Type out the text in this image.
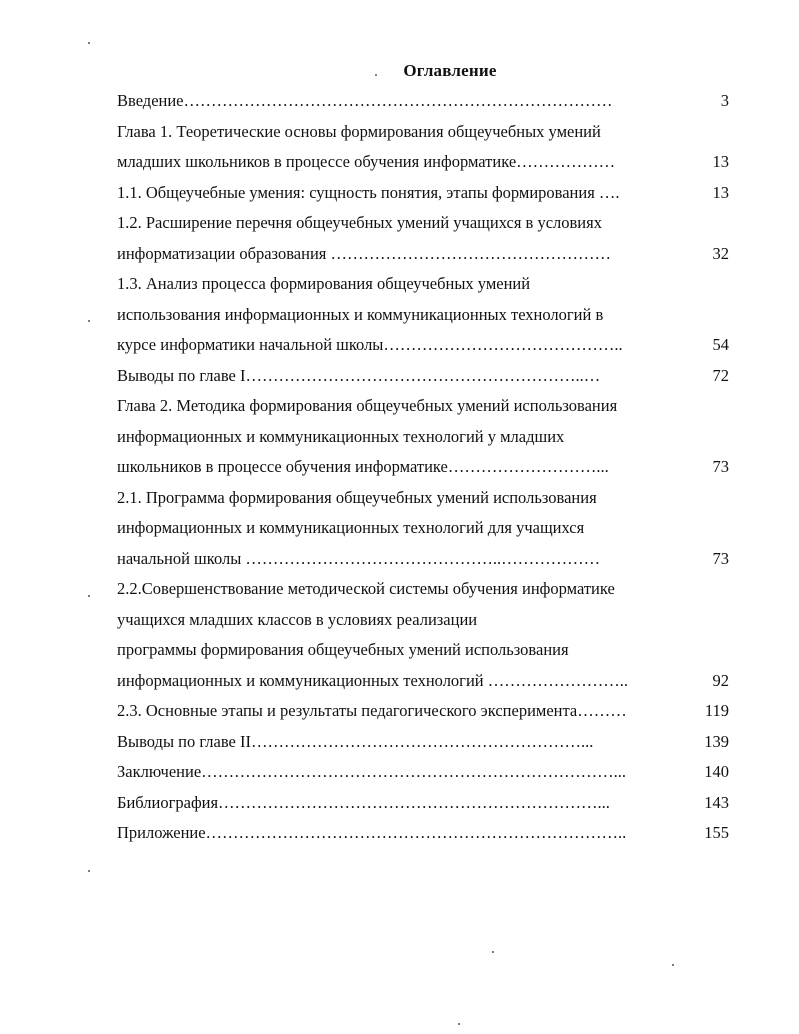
Оглавление
Введение……………………………………………………………………	3
Глава 1. Теоретические основы формирования общеучебных умений
младших школьников в процессе обучения информатике………………	13
1.1. Общеучебные умения: сущность понятия, этапы формирования ….	13
1.2. Расширение перечня общеучебных умений учащихся в условиях
информатизации образования ……………………………………………	32
1.3. Анализ процесса формирования общеучебных умений
использования информационных и коммуникационных технологий в
курсе информатики начальной школы……………………………………..	54
Выводы по главе I……………………………………………………..…	72
Глава 2. Методика формирования общеучебных умений использования
информационных и коммуникационных технологий у младших
школьников в процессе обучения информатике………………………...	73
2.1. Программа формирования общеучебных умений использования
информационных и коммуникационных технологий для учащихся
начальной школы ………………………………………..………………	73
2.2.Совершенствование методической системы обучения информатике
учащихся младших классов в условиях реализации
программы формирования общеучебных умений использования
информационных и коммуникационных технологий ……………………..	92
2.3. Основные этапы и результаты педагогического эксперимента………	119
Выводы по главе II……………………………………………………...	139
Заключение…………………………………………………………………...	140
Библиография……………………………………………………………...	143
Приложение…………………………………………………………………..	155
